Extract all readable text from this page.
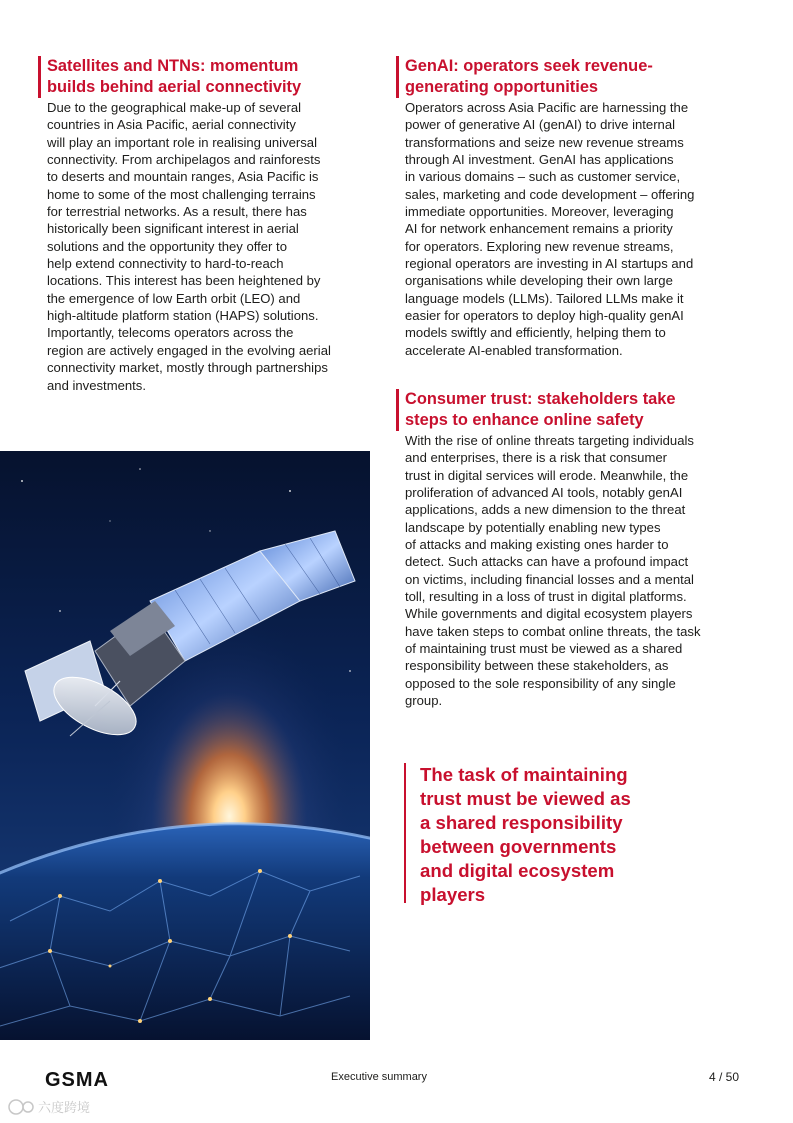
Satellites and NTNs: momentum
builds behind aerial connectivity
Due to the geographical make-up of several
countries in Asia Pacific, aerial connectivity
will play an important role in realising universal
connectivity. From archipelagos and rainforests
to deserts and mountain ranges, Asia Pacific is
home to some of the most challenging terrains
for terrestrial networks. As a result, there has
historically been significant interest in aerial
solutions and the opportunity they offer to
help extend connectivity to hard-to-reach
locations. This interest has been heightened by
the emergence of low Earth orbit (LEO) and
high-altitude platform station (HAPS) solutions.
Importantly, telecoms operators across the
region are actively engaged in the evolving aerial
connectivity market, mostly through partnerships
and investments.
GenAI: operators seek revenue-
generating opportunities
Operators across Asia Pacific are harnessing the
power of generative AI (genAI) to drive internal
transformations and seize new revenue streams
through AI investment. GenAI has applications
in various domains – such as customer service,
sales, marketing and code development – offering
immediate opportunities. Moreover, leveraging
AI for network enhancement remains a priority
for operators. Exploring new revenue streams,
regional operators are investing in AI startups and
organisations while developing their own large
language models (LLMs). Tailored LLMs make it
easier for operators to deploy high-quality genAI
models swiftly and efficiently, helping them to
accelerate AI-enabled transformation.
Consumer trust: stakeholders take
steps to enhance online safety
With the rise of online threats targeting individuals
and enterprises, there is a risk that consumer
trust in digital services will erode. Meanwhile, the
proliferation of advanced AI tools, notably genAI
applications, adds a new dimension to the threat
landscape by potentially enabling new types
of attacks and making existing ones harder to
detect. Such attacks can have a profound impact
on victims, including financial losses and a mental
toll, resulting in a loss of trust in digital platforms.
While governments and digital ecosystem players
have taken steps to combat online threats, the task
of maintaining trust must be viewed as a shared
responsibility between these stakeholders, as
opposed to the sole responsibility of any single
group.
The task of maintaining
trust must be viewed as
a shared responsibility
between governments
and digital ecosystem
players
GSMA	Executive summary	4 / 50
六度跨境
